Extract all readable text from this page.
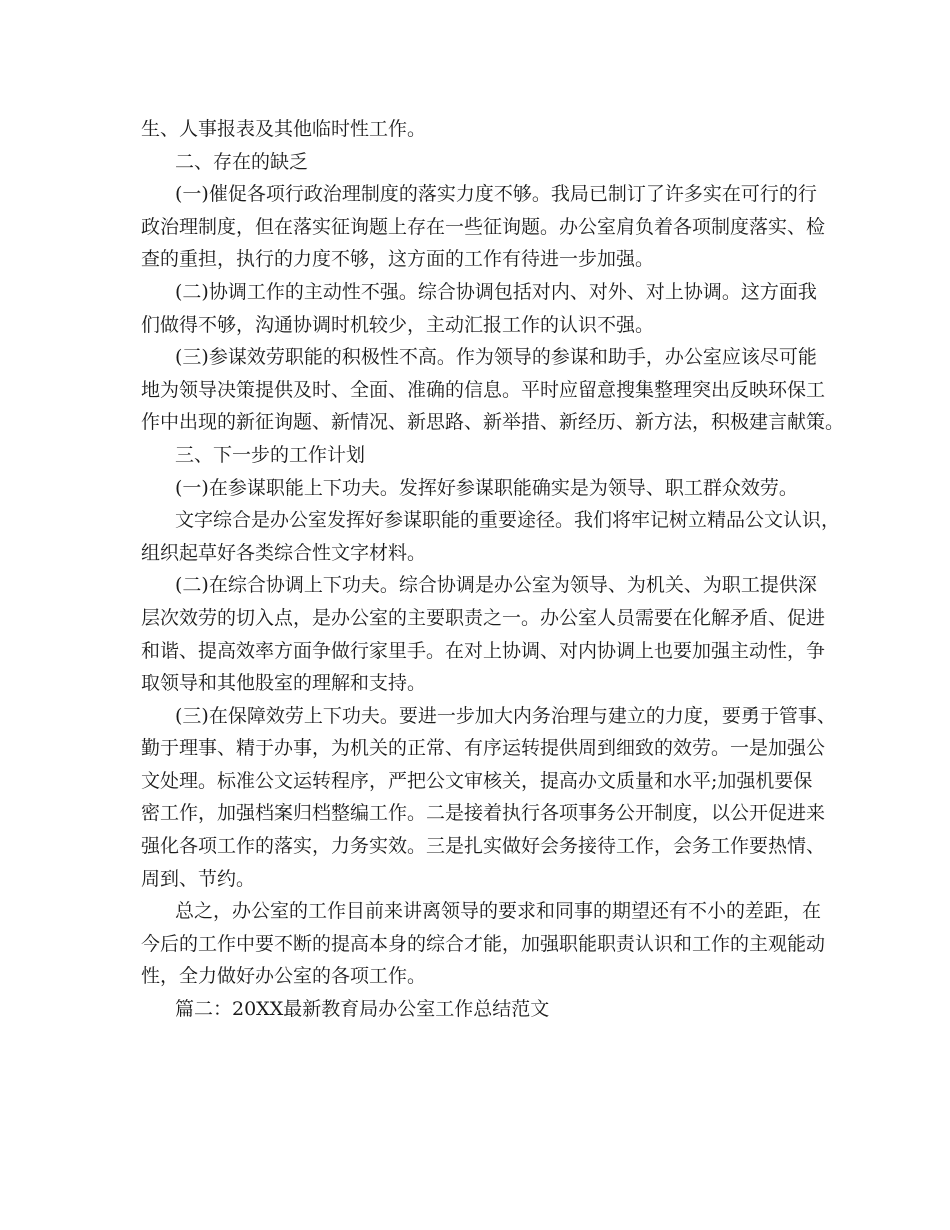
生、人事报表及其他临时性工作。
二、存在的缺乏
(一)催促各项行政治理制度的落实力度不够。我局已制订了许多实在可行的行
政治理制度，但在落实征询题上存在一些征询题。办公室肩负着各项制度落实、检
查的重担，执行的力度不够，这方面的工作有待进一步加强。
(二)协调工作的主动性不强。综合协调包括对内、对外、对上协调。这方面我
们做得不够，沟通协调时机较少，主动汇报工作的认识不强。
(三)参谋效劳职能的积极性不高。作为领导的参谋和助手，办公室应该尽可能
地为领导决策提供及时、全面、准确的信息。平时应留意搜集整理突出反映环保工
作中出现的新征询题、新情况、新思路、新举措、新经历、新方法，积极建言献策。
三、下一步的工作计划
(一)在参谋职能上下功夫。发挥好参谋职能确实是为领导、职工群众效劳。
文字综合是办公室发挥好参谋职能的重要途径。我们将牢记树立精品公文认识，
组织起草好各类综合性文字材料。
(二)在综合协调上下功夫。综合协调是办公室为领导、为机关、为职工提供深
层次效劳的切入点，是办公室的主要职责之一。办公室人员需要在化解矛盾、促进
和谐、提高效率方面争做行家里手。在对上协调、对内协调上也要加强主动性，争
取领导和其他股室的理解和支持。
(三)在保障效劳上下功夫。要进一步加大内务治理与建立的力度，要勇于管事、
勤于理事、精于办事，为机关的正常、有序运转提供周到细致的效劳。一是加强公
文处理。标准公文运转程序，严把公文审核关，提高办文质量和水平;加强机要保
密工作，加强档案归档整编工作。二是接着执行各项事务公开制度，以公开促进来
强化各项工作的落实，力务实效。三是扎实做好会务接待工作，会务工作要热情、
周到、节约。
总之，办公室的工作目前来讲离领导的要求和同事的期望还有不小的差距，在
今后的工作中要不断的提高本身的综合才能，加强职能职责认识和工作的主观能动
性，全力做好办公室的各项工作。
篇二：20XX最新教育局办公室工作总结范文
